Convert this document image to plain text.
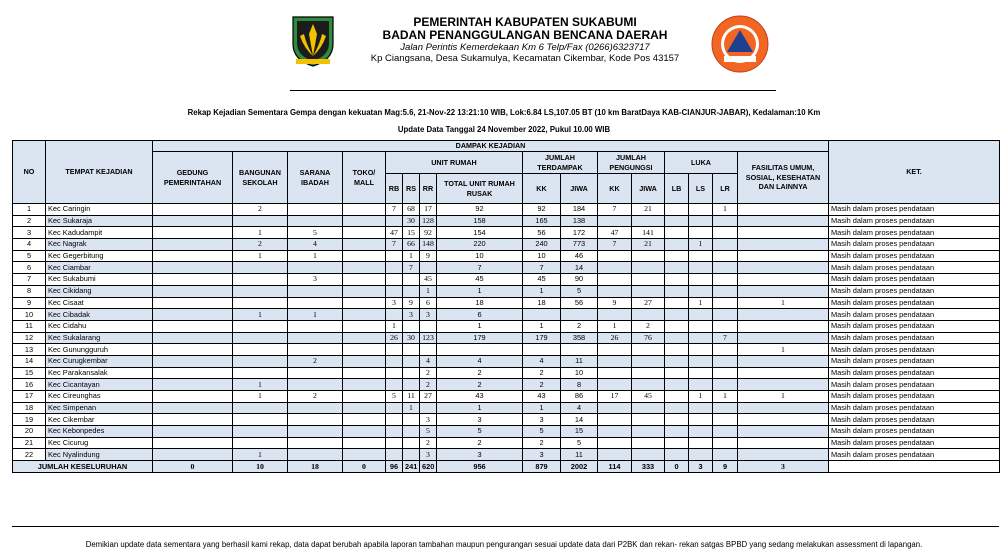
PEMERINTAH KABUPATEN SUKABUMI
BADAN PENANGGULANGAN BENCANA DAERAH
Jalan Perintis Kemerdekaan Km 6 Telp/Fax (0266)6323717
Kp Ciangsana, Desa Sukamulya, Kecamatan Cikembar, Kode Pos 43157
Rekap Kejadian Sementara Gempa dengan kekuatan Mag:5.6, 21-Nov-22 13:21:10 WIB, Lok:6.84 LS,107.05 BT (10 km BaratDaya KAB-CIANJUR-JABAR), Kedalaman:10 Km
Update Data Tanggal 24 November 2022, Pukul 10.00 WIB
NO	TEMPAT KEJADIAN	DAMPAK KEJADIAN																KET.
		GEDUNG PEMERINTAHAN	BANGUNAN SEKOLAH	SARANA IBADAH	TOKO/ MALL	UNIT RUMAH				JUMLAH TERDAMPAK		JUMLAH PENGUNGSI		LUKA			FASILITAS UMUM, SOSIAL, KESEHATAN DAN LAINNYA	
						RB	RS	RR	TOTAL UNIT RUMAH RUSAK	KK	JIWA	KK	JIWA	LB	LS	LR		
1	Kec Caringin		2			7	68	17	92	92	184	7	21			1		Masih dalam proses pendataan
2	Kec Sukaraja						30	128	158	165	138							Masih dalam proses pendataan
3	Kec Kadudampit		1	5		47	15	92	154	56	172	47	141					Masih dalam proses pendataan
4	Kec Nagrak		2	4		7	66	148	220	240	773	7	21		1			Masih dalam proses pendataan
5	Kec Gegerbitung		1	1			1	9	10	10	46							Masih dalam proses pendataan
6	Kec Ciambar						7		7	7	14							Masih dalam proses pendataan
7	Kec Sukabumi			3				45	45	45	90							Masih dalam proses pendataan
8	Kec Cikidang							1	1	1	5							Masih dalam proses pendataan
9	Kec Cisaat					3	9	6	18	18	56	9	27		1		1	Masih dalam proses pendataan
10	Kec Cibadak		1	1			3	3	6									Masih dalam proses pendataan
11	Kec Cidahu					1			1	1	2	1	2					Masih dalam proses pendataan
12	Kec Sukalarang					26	30	123	179	179	358	26	76			7		Masih dalam proses pendataan
13	Kec Gunungguruh																1	Masih dalam proses pendataan
14	Kec Curugkembar			2				4	4	4	11							Masih dalam proses pendataan
15	Kec Parakansalak							2	2	2	10							Masih dalam proses pendataan
16	Kec Cicantayan		1					2	2	2	8							Masih dalam proses pendataan
17	Kec Cireunghas		1	2		5	11	27	43	43	86	17	45		1	1	1	Masih dalam proses pendataan
18	Kec Simpenan						1		1	1	4							Masih dalam proses pendataan
19	Kec Cikembar							3	3	3	14							Masih dalam proses pendataan
20	Kec Kebonpedes							5	5	5	15							Masih dalam proses pendataan
21	Kec Cicurug							2	2	2	5							Masih dalam proses pendataan
22	Kec Nyalindung		1					3	3	3	11							Masih dalam proses pendataan
JUMLAH KESELURUHAN		0	10	18	0	96	241	620	956	879	2002	114	333	0	3	9	3	
Demikian update data sementara yang berhasil kami rekap, data dapat berubah apabila laporan tambahan maupun pengurangan sesuai update data dari P2BK dan rekan- rekan satgas BPBD yang sedang melakukan assessment di lapangan.
